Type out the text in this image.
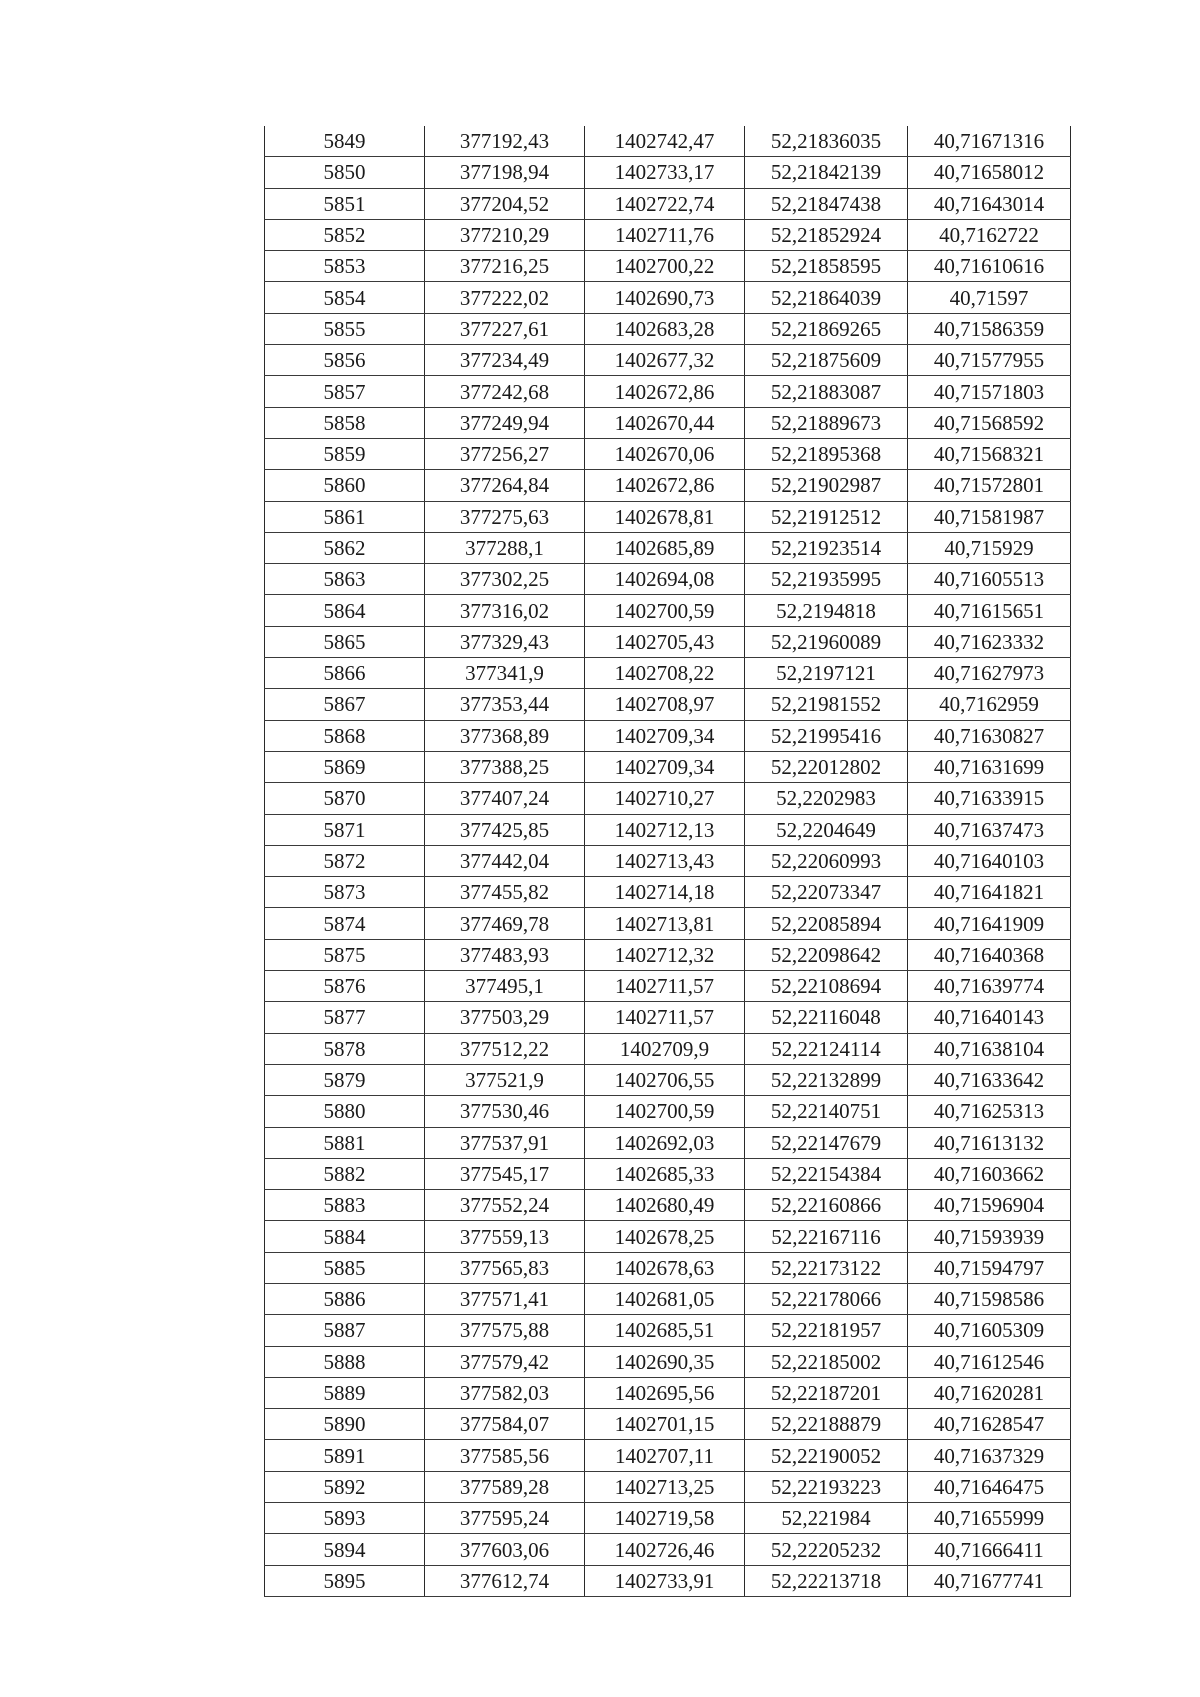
5849	377192,43	1402742,47	52,21836035	40,71671316
5850	377198,94	1402733,17	52,21842139	40,71658012
5851	377204,52	1402722,74	52,21847438	40,71643014
5852	377210,29	1402711,76	52,21852924	40,7162722
5853	377216,25	1402700,22	52,21858595	40,71610616
5854	377222,02	1402690,73	52,21864039	40,71597
5855	377227,61	1402683,28	52,21869265	40,71586359
5856	377234,49	1402677,32	52,21875609	40,71577955
5857	377242,68	1402672,86	52,21883087	40,71571803
5858	377249,94	1402670,44	52,21889673	40,71568592
5859	377256,27	1402670,06	52,21895368	40,71568321
5860	377264,84	1402672,86	52,21902987	40,71572801
5861	377275,63	1402678,81	52,21912512	40,71581987
5862	377288,1	1402685,89	52,21923514	40,715929
5863	377302,25	1402694,08	52,21935995	40,71605513
5864	377316,02	1402700,59	52,2194818	40,71615651
5865	377329,43	1402705,43	52,21960089	40,71623332
5866	377341,9	1402708,22	52,2197121	40,71627973
5867	377353,44	1402708,97	52,21981552	40,7162959
5868	377368,89	1402709,34	52,21995416	40,71630827
5869	377388,25	1402709,34	52,22012802	40,71631699
5870	377407,24	1402710,27	52,2202983	40,71633915
5871	377425,85	1402712,13	52,2204649	40,71637473
5872	377442,04	1402713,43	52,22060993	40,71640103
5873	377455,82	1402714,18	52,22073347	40,71641821
5874	377469,78	1402713,81	52,22085894	40,71641909
5875	377483,93	1402712,32	52,22098642	40,71640368
5876	377495,1	1402711,57	52,22108694	40,71639774
5877	377503,29	1402711,57	52,22116048	40,71640143
5878	377512,22	1402709,9	52,22124114	40,71638104
5879	377521,9	1402706,55	52,22132899	40,71633642
5880	377530,46	1402700,59	52,22140751	40,71625313
5881	377537,91	1402692,03	52,22147679	40,71613132
5882	377545,17	1402685,33	52,22154384	40,71603662
5883	377552,24	1402680,49	52,22160866	40,71596904
5884	377559,13	1402678,25	52,22167116	40,71593939
5885	377565,83	1402678,63	52,22173122	40,71594797
5886	377571,41	1402681,05	52,22178066	40,71598586
5887	377575,88	1402685,51	52,22181957	40,71605309
5888	377579,42	1402690,35	52,22185002	40,71612546
5889	377582,03	1402695,56	52,22187201	40,71620281
5890	377584,07	1402701,15	52,22188879	40,71628547
5891	377585,56	1402707,11	52,22190052	40,71637329
5892	377589,28	1402713,25	52,22193223	40,71646475
5893	377595,24	1402719,58	52,221984	40,71655999
5894	377603,06	1402726,46	52,22205232	40,71666411
5895	377612,74	1402733,91	52,22213718	40,71677741
